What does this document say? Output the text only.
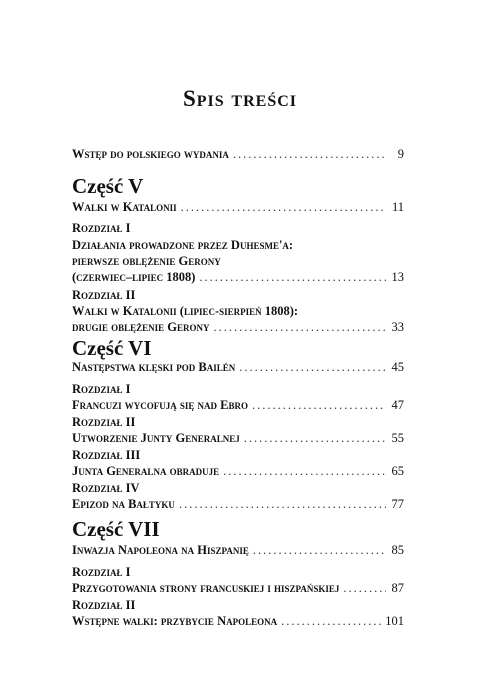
Spis treści
Wstęp do polskiego wydania .....	9
Część V
Walki w Katalonii .....	11
Rozdział I
Działania prowadzone przez Duhesme'a:
pierwsze oblężenie Gerony
(czerwiec–lipiec 1808) .....	13
Rozdział II
Walki w Katalonii (lipiec-sierpień 1808):
drugie oblężenie Gerony .....	33
Część VI
Następstwa klęski pod Bailén .....	45
Rozdział I
Francuzi wycofują się nad Ebro .....	47
Rozdział II
Utworzenie Junty Generalnej .....	55
Rozdział III
Junta Generalna obraduje .....	65
Rozdział IV
Epizod na Bałtyku .....	77
Część VII
Inwazja Napoleona na Hiszpanię .....	85
Rozdział I
Przygotowania strony francuskiej i hiszpańskiej .....	87
Rozdział II
Wstępne walki: przybycie Napoleona .....	101
